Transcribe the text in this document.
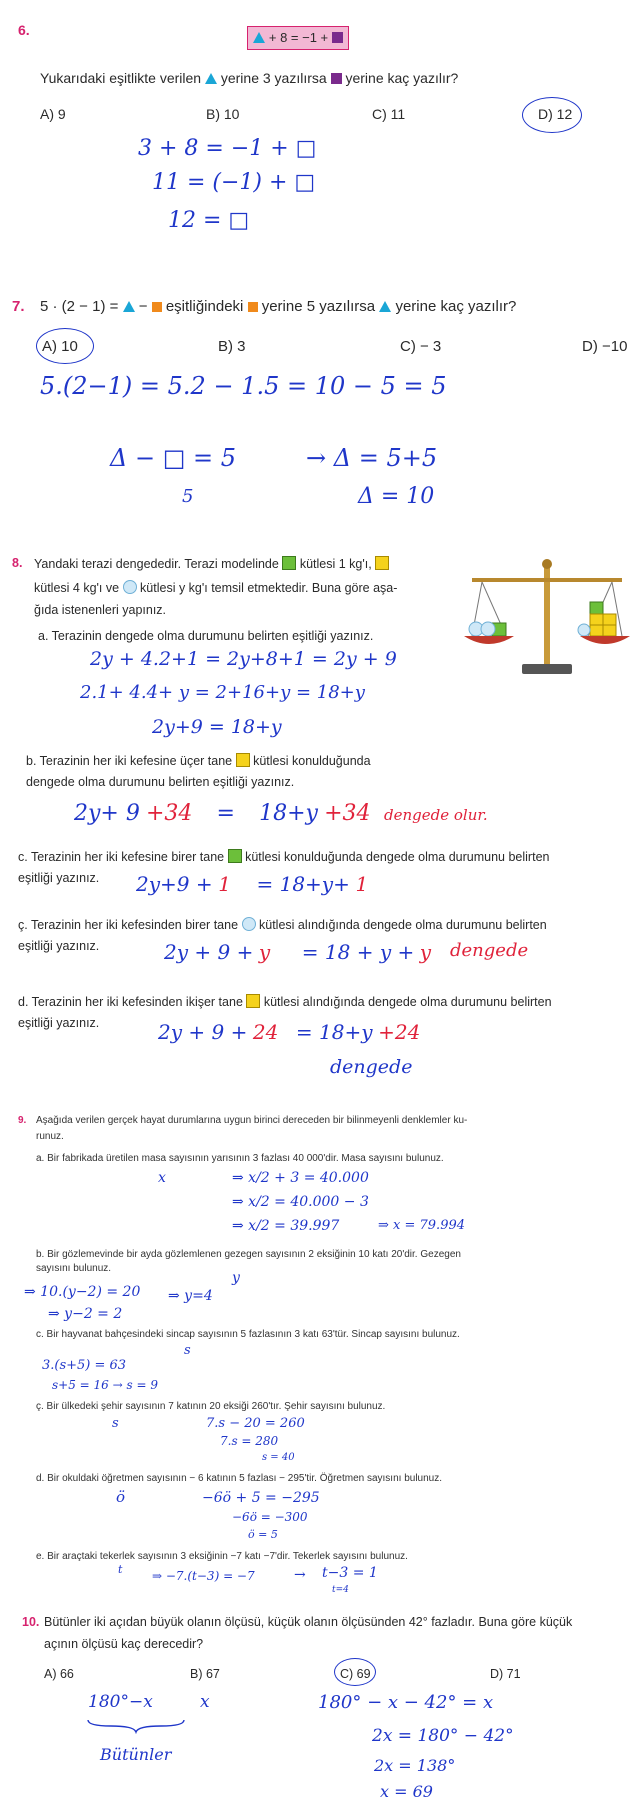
6.	+ 8 = −1 +
Yukarıdaki eşitlikte verilen yerine 3 yazılırsa yerine kaç yazılır?
A) 9	B) 10	C) 11	D) 12
3 + 8 = −1 + □
11 = (−1) + □
12 = □
7. 5 · (2 − 1) = − eşitliğindeki yerine 5 yazılırsa yerine kaç yazılır?
A) 10	B) 3	C) − 3	D) −10
5.(2−1) = 5.2 − 1.5 = 10 − 5 = 5
Δ − □ = 5	→ Δ = 5+5
Δ = 10
5
8. Yandaki terazi dengededir. Terazi modelinde kütlesi 1 kg'ı,
kütlesi 4 kg'ı ve kütlesi y kg'ı temsil etmektedir. Buna göre aşa-
ğıda istenenleri yapınız.
a. Terazinin dengede olma durumunu belirten eşitliği yazınız.
2y + 4.2+1 = 2y+8+1 = 2y + 9
2.1+ 4.4+ y = 2+16+y = 18+y
2y+9 = 18+y
b. Terazinin her iki kefesine üçer tane kütlesi konulduğunda
dengede olma durumunu belirten eşitliği yazınız.
2y+ 9 +34 = 18+y +34 dengede olur.
c. Terazinin her iki kefesine birer tane kütlesi konulduğunda dengede olma durumunu belirten
eşitliği yazınız. 2y+9 + 1 = 18+y+ 1
ç. Terazinin her iki kefesinden birer tane kütlesi alındığında dengede olma durumunu belirten
eşitliği yazınız.	2y + 9 + y = 18 + y + y dengede
d. Terazinin her iki kefesinden ikişer tane kütlesi alındığında dengede olma durumunu belirten
eşitliği yazınız.	2y + 9 + 24 = 18+y +24
dengede
9. Aşağıda verilen gerçek hayat durumlarına uygun birinci dereceden bir bilinmeyenli denklemler ku-
runuz.
a. Bir fabrikada üretilen masa sayısının yarısının 3 fazlası 40 000'dir. Masa sayısını bulunuz.
x	⇒ x/2 + 3 = 40.000
⇒ x/2 = 40.000 − 3
⇒ x/2 = 39.997	⇒ x = 79.994
b. Bir gözlemevinde bir ayda gözlemlenen gezegen sayısının 2 eksiğinin 10 katı 20'dir. Gezegen
sayısını bulunuz.
⇒ 10.(y−2) = 20
⇒ y−2 = 2
⇒ y=4
y
c. Bir hayvanat bahçesindeki sincap sayısının 5 fazlasının 3 katı 63'tür. Sincap sayısını bulunuz.
s
3.(s+5) = 63
s+5 = 16 → s = 9
ç. Bir ülkedeki şehir sayısının 7 katının 20 eksiği 260'tır. Şehir sayısını bulunuz.
s	7.s − 20 = 260
7.s = 280
s = 40
d. Bir okuldaki öğretmen sayısının − 6 katının 5 fazlası − 295'tir. Öğretmen sayısını bulunuz.
ö	−6ö + 5 = −295
−6ö = −300
ö = 5
e. Bir araçtaki tekerlek sayısının 3 eksiğinin −7 katı −7'dir. Tekerlek sayısını bulunuz.
t ⇒ −7.(t−3) = −7	→ t−3 = 1
t=4
10. Bütünler iki açıdan büyük olanın ölçüsü, küçük olanın ölçüsünden 42° fazladır. Buna göre küçük
açının ölçüsü kaç derecedir?
A) 66	B) 67	C) 69	D) 71
180°−x	x
Bütünler
180° − x − 42° = x
2x = 180° − 42°
2x = 138°
x = 69
